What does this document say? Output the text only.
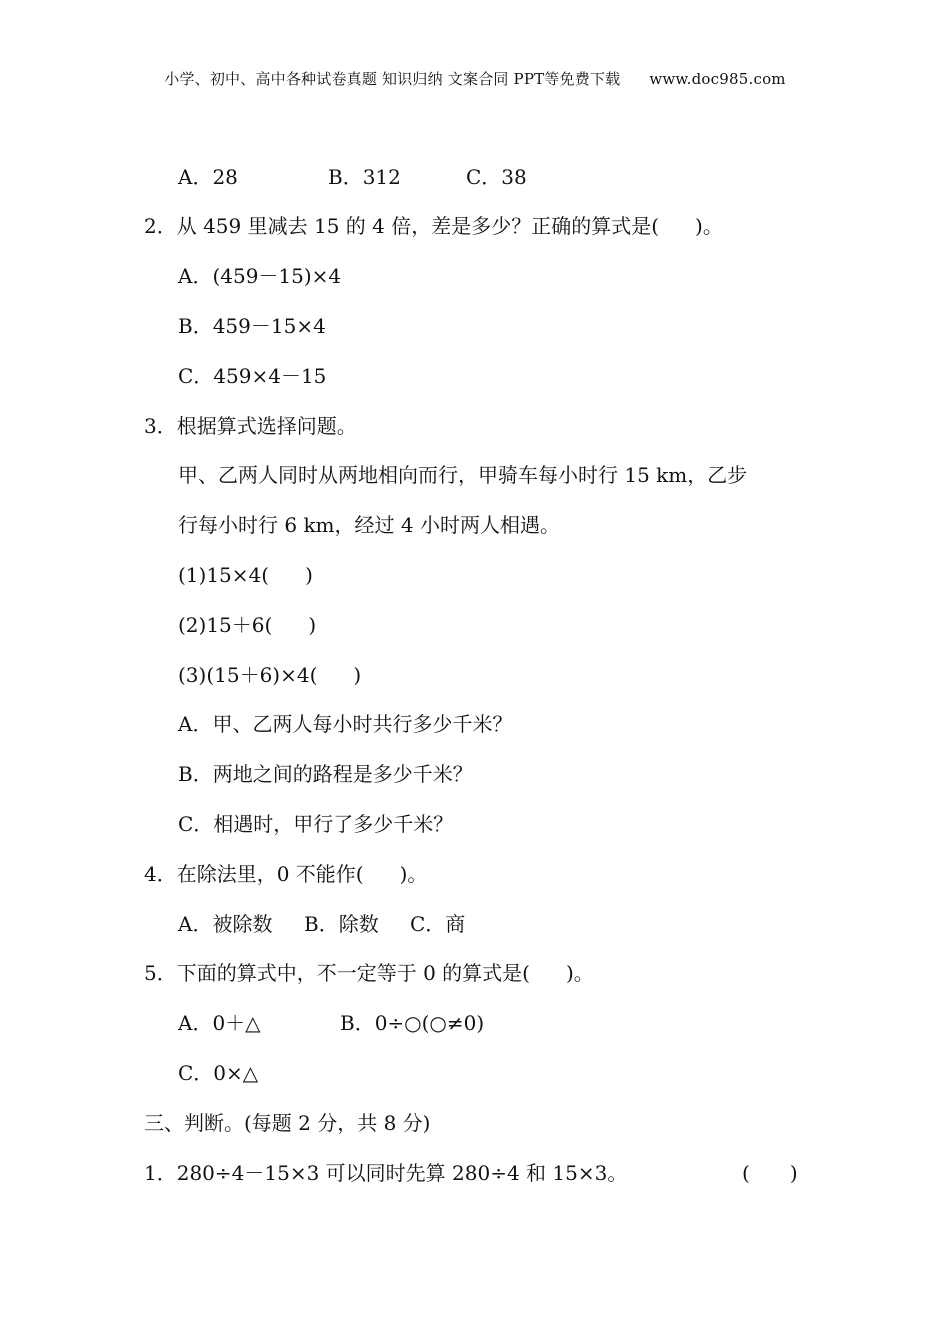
小学、初中、高中各种试卷真题 知识归纳 文案合同 PPT等免费下载 www.doc985.com
A．28	B．312	C．38
2．从 459 里减去 15 的 4 倍，差是多少？正确的算式是( )。
A．(459－15)×4
B．459－15×4
C．459×4－15
3．根据算式选择问题。
甲、乙两人同时从两地相向而行，甲骑车每小时行 15 km，乙步
行每小时行 6 km，经过 4 小时两人相遇。
(1)15×4( )
(2)15＋6( )
(3)(15＋6)×4( )
A．甲、乙两人每小时共行多少千米？
B．两地之间的路程是多少千米？
C．相遇时，甲行了多少千米？
4．在除法里，0 不能作( )。
A．被除数 B．除数 C．商
5．下面的算式中，不一定等于 0 的算式是( )。
A．0＋△	B．0÷○(○≠0)
C．0×△
三、判断。(每题 2 分，共 8 分)
1．280÷4－15×3 可以同时先算 280÷4 和 15×3。	( )
